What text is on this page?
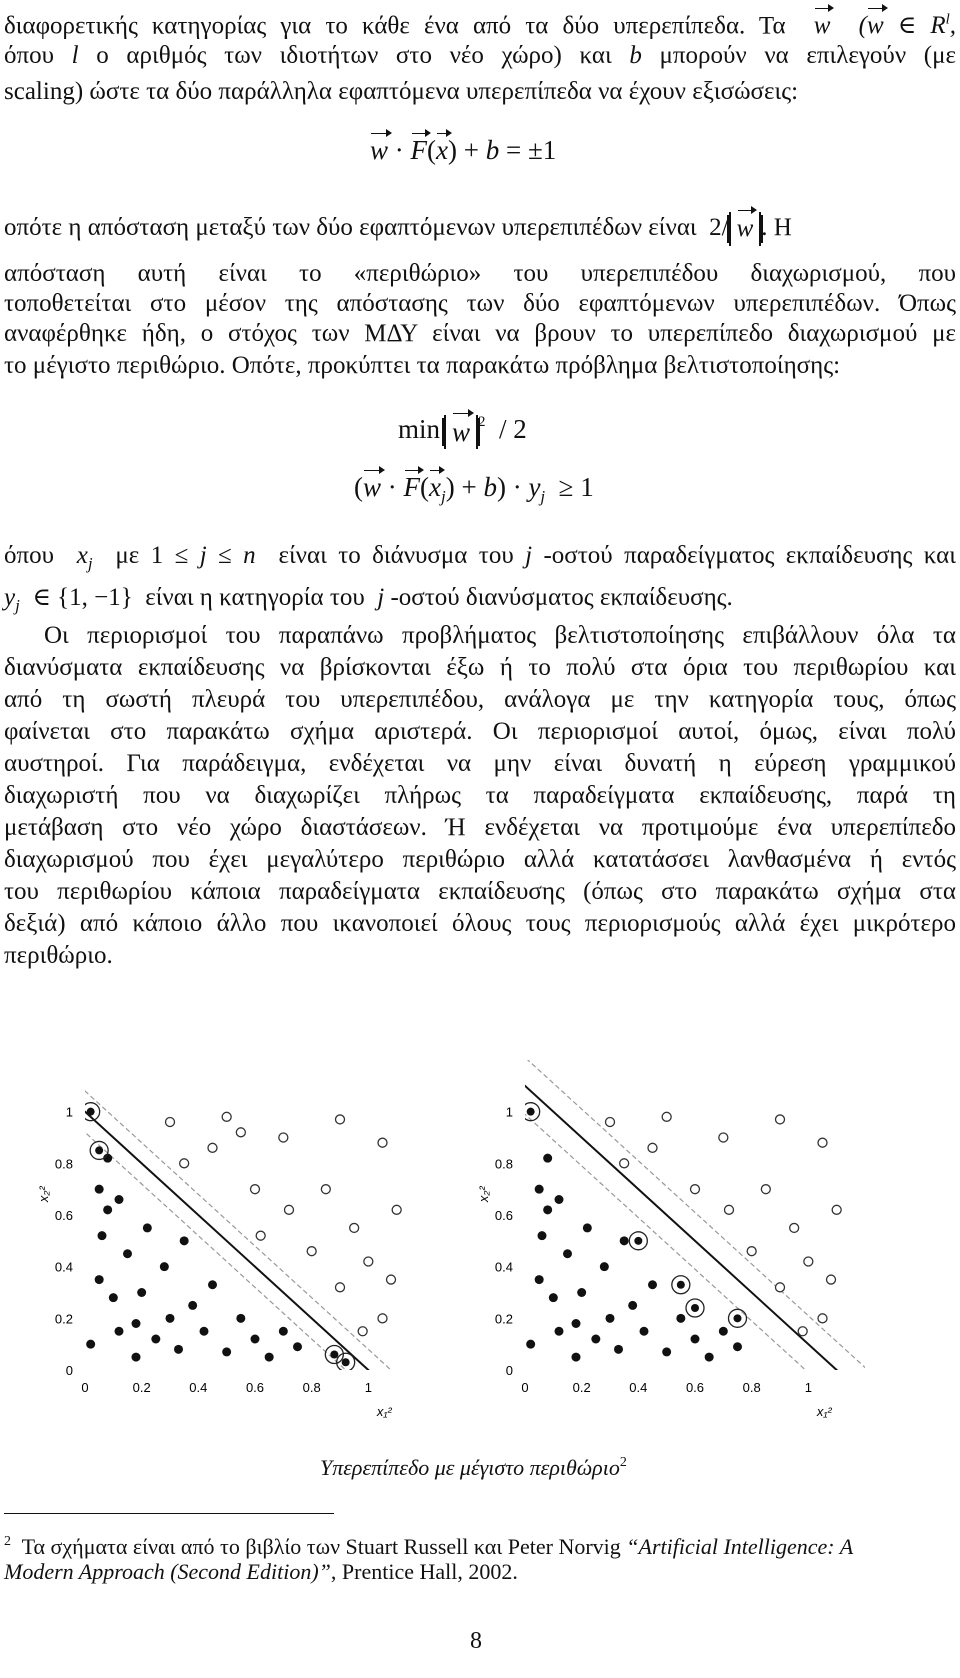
διαφορετικής κατηγορίας για το κάθε ένα από τα δύο υπερεπίπεδα. Τα w  (w ∈ $R^l$,
όπου l ο αριθμός των ιδιοτήτων στο νέο χώρο) και b μπορούν να επιλεγούν (με
scaling) ώστε τα δύο παράλληλα εφαπτόμενα υπερεπίπεδα να έχουν εξισώσεις:
w · F(x) + b = ±1
οπότε η απόσταση μεταξύ των δύο εφαπτόμενων υπερεπιπέδων είναι  2/ w . Η
απόσταση αυτή είναι το «περιθώριο» του υπερεπιπέδου διαχωρισμού, που
τοποθετείται στο μέσον της απόστασης των δύο εφαπτόμενων υπερεπιπέδων. Όπως
αναφέρθηκε ήδη, ο στόχος των ΜΔΥ είναι να βρουν το υπερεπίπεδο διαχωρισμού με
το μέγιστο περιθώριο. Οπότε, προκύπτει τα παρακάτω πρόβλημα βελτιστοποίησης:
min w $^2$ / 2
$(w \cdot F(x_j) + b) \cdot y_j \ge 1$
όπου $x_j$ με 1 ≤ j ≤ n είναι το διάνυσμα του j -οστού παραδείγματος εκπαίδευσης και
$y_j$ ∈ {1, −1} είναι η κατηγορία του j -οστού διανύσματος εκπαίδευσης.
Οι περιορισμοί του παραπάνω προβλήματος βελτιστοποίησης επιβάλλουν όλα τα
διανύσματα εκπαίδευσης να βρίσκονται έξω ή το πολύ στα όρια του περιθωρίου και
από τη σωστή πλευρά του υπερεπιπέδου, ανάλογα με την κατηγορία τους, όπως
φαίνεται στο παρακάτω σχήμα αριστερά. Οι περιορισμοί αυτοί, όμως, είναι πολύ
αυστηροί. Για παράδειγμα, ενδέχεται να μην είναι δυνατή η εύρεση γραμμικού
διαχωριστή που να διαχωρίζει πλήρως τα παραδείγματα εκπαίδευσης, παρά τη
μετάβαση στο νέο χώρο διαστάσεων. Ή ενδέχεται να προτιμούμε ένα υπερεπίπεδο
διαχωρισμού που έχει μεγαλύτερο περιθώριο αλλά κατατάσσει λανθασμένα ή εντός
του περιθωρίου κάποια παραδείγματα εκπαίδευσης (όπως στο παρακάτω σχήμα στα
δεξιά) από κάποιο άλλο που ικανοποιεί όλους τους περιορισμούς αλλά έχει μικρότερο
περιθώριο.
0	0.2	0.4	0.6	0.8	1
0
0.2
0.4
0.6
0.8
1
x₁²
x₂²
0	0.2	0.4	0.6	0.8	1
0
0.2
0.4
0.6
0.8
1
x₁²
x₂²
Υπερεπίπεδο με μέγιστο περιθώριο$^2$
$^2$ Τα σχήματα είναι από το βιβλίο των Stuart Russell και Peter Norvig “Artificial Intelligence: A
Modern Approach (Second Edition)”, Prentice Hall, 2002.
8
